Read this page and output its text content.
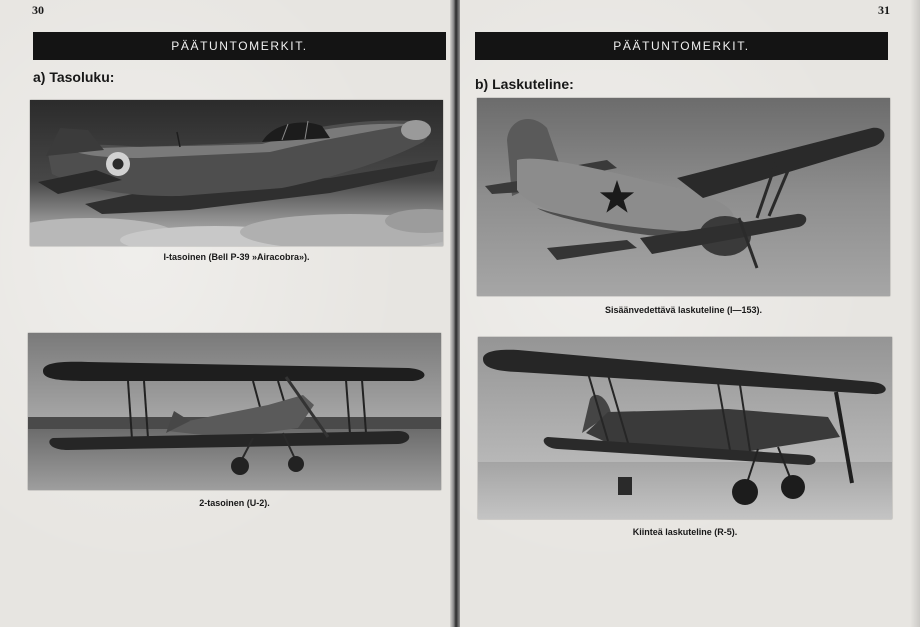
30
PÄÄTUNTOMERKIT.
a) Tasoluku:
I-tasoinen (Bell P-39 »Airacobra»).
2-tasoinen (U-2).
31
PÄÄTUNTOMERKIT.
b) Laskuteline:
Sisäänvedettävä laskuteline (I—153).
Kiinteä laskuteline (R-5).
